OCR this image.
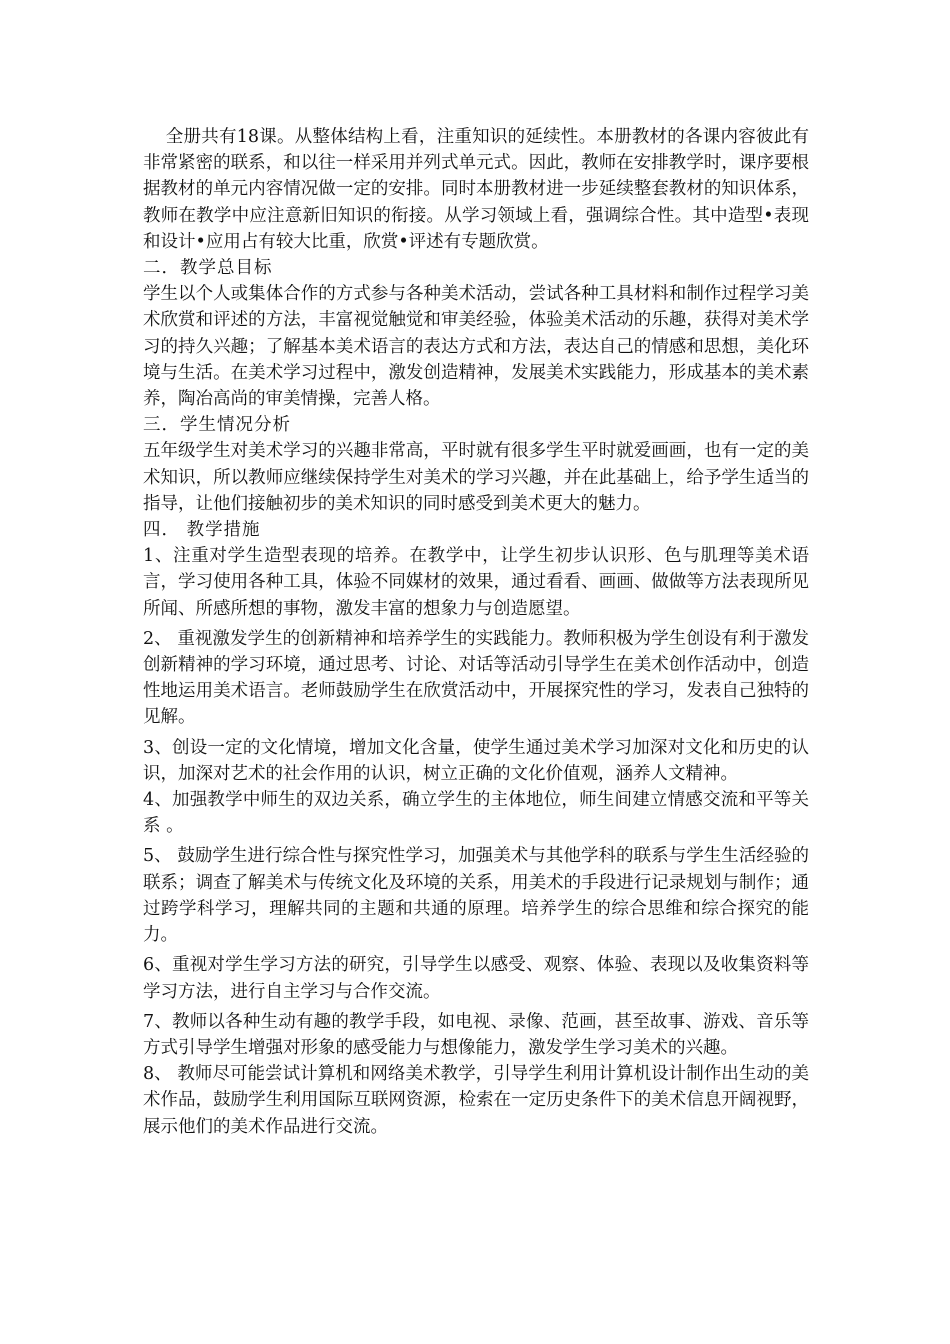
全册共有18课。从整体结构上看，注重知识的延续性。本册教材的各课内容彼此有非常紧密的联系，和以往一样采用并列式单元式。因此，教师在安排教学时，课序要根据教材的单元内容情况做一定的安排。同时本册教材进一步延续整套教材的知识体系，教师在教学中应注意新旧知识的衔接。从学习领域上看，强调综合性。其中造型•表现和设计•应用占有较大比重，欣赏•评述有专题欣赏。

二．教学总目标

学生以个人或集体合作的方式参与各种美术活动，尝试各种工具材料和制作过程学习美术欣赏和评述的方法，丰富视觉触觉和审美经验，体验美术活动的乐趣，获得对美术学习的持久兴趣；了解基本美术语言的表达方式和方法，表达自己的情感和思想，美化环境与生活。在美术学习过程中，激发创造精神，发展美术实践能力，形成基本的美术素养，陶冶高尚的审美情操，完善人格。

三．学生情况分析

五年级学生对美术学习的兴趣非常高，平时就有很多学生平时就爱画画，也有一定的美术知识，所以教师应继续保持学生对美术的学习兴趣，并在此基础上，给予学生适当的指导，让他们接触初步的美术知识的同时感受到美术更大的魅力。

四． 教学措施

1、注重对学生造型表现的培养。在教学中，让学生初步认识形、色与肌理等美术语言，学习使用各种工具，体验不同媒材的效果，通过看看、画画、做做等方法表现所见所闻、所感所想的事物，激发丰富的想象力与创造愿望。

2、 重视激发学生的创新精神和培养学生的实践能力。教师积极为学生创设有利于激发创新精神的学习环境，通过思考、讨论、对话等活动引导学生在美术创作活动中，创造性地运用美术语言。老师鼓励学生在欣赏活动中，开展探究性的学习，发表自己独特的见解。

3、创设一定的文化情境，增加文化含量，使学生通过美术学习加深对文化和历史的认识，加深对艺术的社会作用的认识，树立正确的文化价值观，涵养人文精神。

4、加强教学中师生的双边关系，确立学生的主体地位，师生间建立情感交流和平等关系 。

5、 鼓励学生进行综合性与探究性学习，加强美术与其他学科的联系与学生生活经验的联系；调查了解美术与传统文化及环境的关系，用美术的手段进行记录规划与制作；通过跨学科学习，理解共同的主题和共通的原理。培养学生的综合思维和综合探究的能力。

6、重视对学生学习方法的研究，引导学生以感受、观察、体验、表现以及收集资料等学习方法，进行自主学习与合作交流。

7、教师以各种生动有趣的教学手段，如电视、录像、范画，甚至故事、游戏、音乐等方式引导学生增强对形象的感受能力与想像能力，激发学生学习美术的兴趣。

8、 教师尽可能尝试计算机和网络美术教学，引导学生利用计算机设计制作出生动的美术作品，鼓励学生利用国际互联网资源，检索在一定历史条件下的美术信息开阔视野，展示他们的美术作品进行交流。
